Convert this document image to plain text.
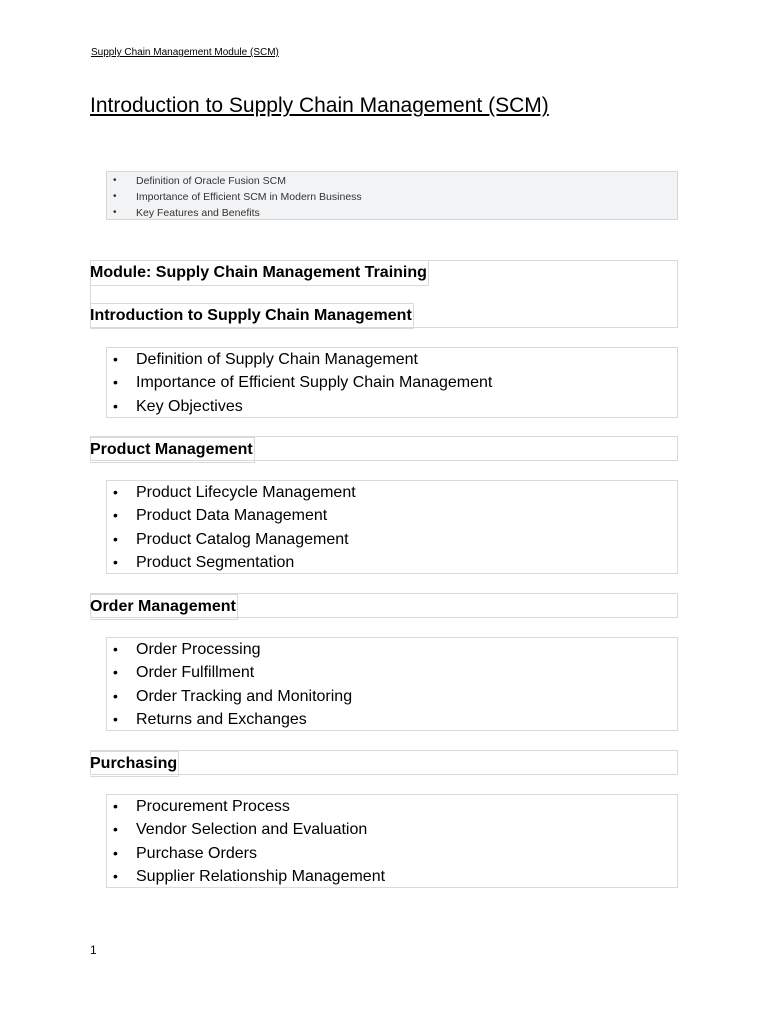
Supply Chain Management Module (SCM)
Introduction to Supply Chain Management (SCM)
• Definition of Oracle Fusion SCM
• Importance of Efficient SCM in Modern Business
• Key Features and Benefits
Module: Supply Chain Management Training
Introduction to Supply Chain Management
• Definition of Supply Chain Management
• Importance of Efficient Supply Chain Management
• Key Objectives
Product Management
• Product Lifecycle Management
• Product Data Management
• Product Catalog Management
• Product Segmentation
Order Management
• Order Processing
• Order Fulfillment
• Order Tracking and Monitoring
• Returns and Exchanges
Purchasing
• Procurement Process
• Vendor Selection and Evaluation
• Purchase Orders
• Supplier Relationship Management
1
